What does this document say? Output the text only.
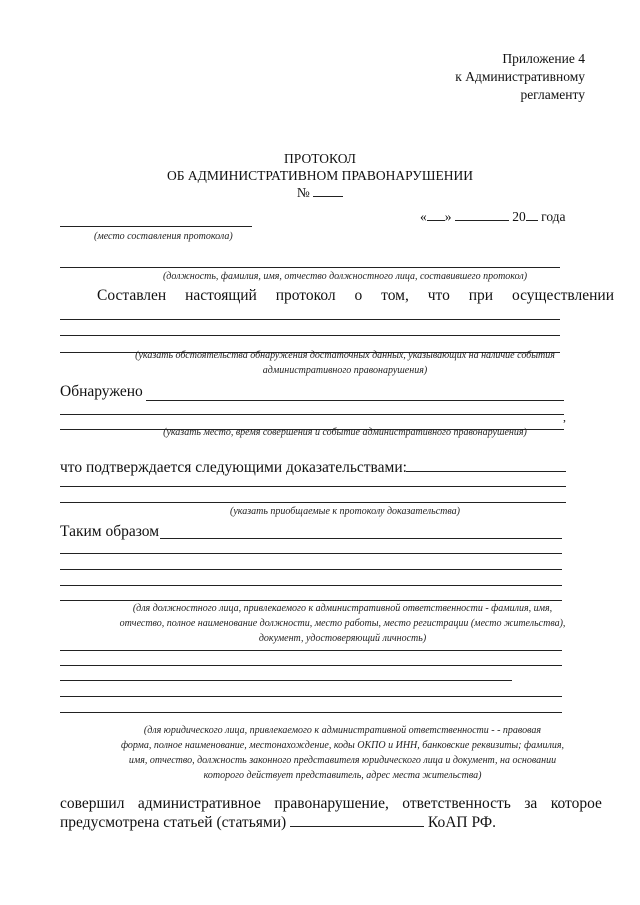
Приложение 4
к Административному
регламенту
ПРОТОКОЛ
ОБ АДМИНИСТРАТИВНОМ ПРАВОНАРУШЕНИИ
№
« »	20 года
(место составления протокола)
(должность, фамилия, имя, отчество должностного лица, составившего протокол)
Составлен настоящий протокол о том, что при осуществлении
(указать обстоятельства обнаружения достаточных данных, указывающих на наличие события
административного правонарушения)
Обнаружено
(указать место, время совершения и событие административного правонарушения)
что подтверждается следующими доказательствами:
(указать приобщаемые к протоколу доказательства)
Таким образом
(для должностного лица, привлекаемого к административной ответственности - фамилия, имя,
отчество, полное наименование должности, место работы, место регистрации (место жительства),
документ, удостоверяющий личность)
(для юридического лица, привлекаемого к административной ответственности - - правовая
форма, полное наименование, местонахождение, коды ОКПО и ИНН, банковские реквизиты; фамилия,
имя, отчество, должность законного представителя юридического лица и документ, на основании
которого действует представитель, адрес места жительства)
совершил административное правонарушение, ответственность за которое
предусмотрена статьей (статьями)	КоАП РФ.
,
